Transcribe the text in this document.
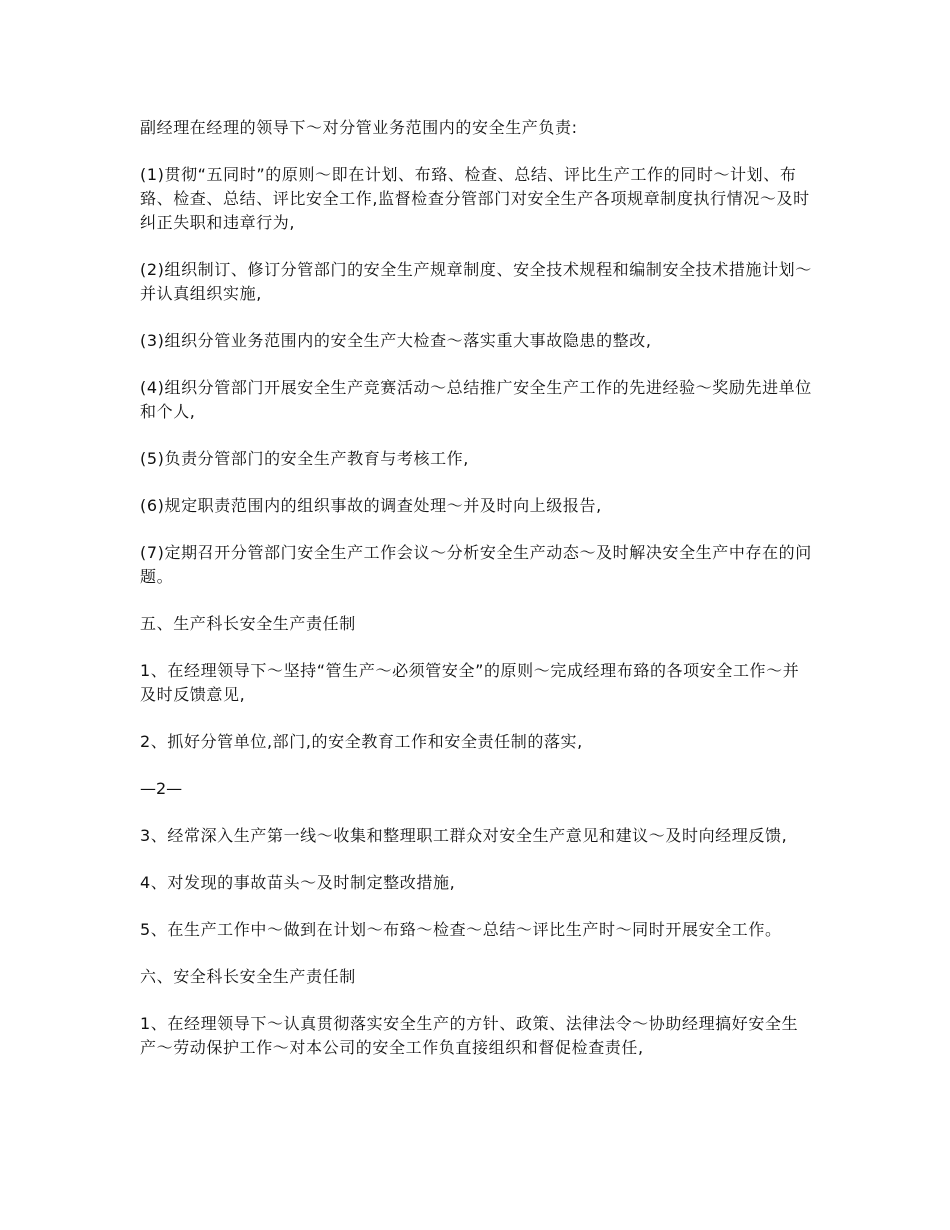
副经理在经理的领导下～对分管业务范围内的安全生产负责:

(1)贯彻“五同时”的原则～即在计划、布臵、检查、总结、评比生产工作的同时～计划、布臵、检查、总结、评比安全工作,监督检查分管部门对安全生产各项规章制度执行情况～及时纠正失职和违章行为,

(2)组织制订、修订分管部门的安全生产规章制度、安全技术规程和编制安全技术措施计划～并认真组织实施,

(3)组织分管业务范围内的安全生产大检查～落实重大事故隐患的整改,

(4)组织分管部门开展安全生产竞赛活动～总结推广安全生产工作的先进经验～奖励先进单位和个人,

(5)负责分管部门的安全生产教育与考核工作,

(6)规定职责范围内的组织事故的调查处理～并及时向上级报告,

(7)定期召开分管部门安全生产工作会议～分析安全生产动态～及时解决安全生产中存在的问题。

五、生产科长安全生产责任制

1、在经理领导下～坚持“管生产～必须管安全”的原则～完成经理布臵的各项安全工作～并及时反馈意见,

2、抓好分管单位,部门,的安全教育工作和安全责任制的落实,

—2—

3、经常深入生产第一线～收集和整理职工群众对安全生产意见和建议～及时向经理反馈,

4、对发现的事故苗头～及时制定整改措施,

5、在生产工作中～做到在计划～布臵～检查～总结～评比生产时～同时开展安全工作。

六、安全科长安全生产责任制

1、在经理领导下～认真贯彻落实安全生产的方针、政策、法律法令～协助经理搞好安全生产～劳动保护工作～对本公司的安全工作负直接组织和督促检查责任,
